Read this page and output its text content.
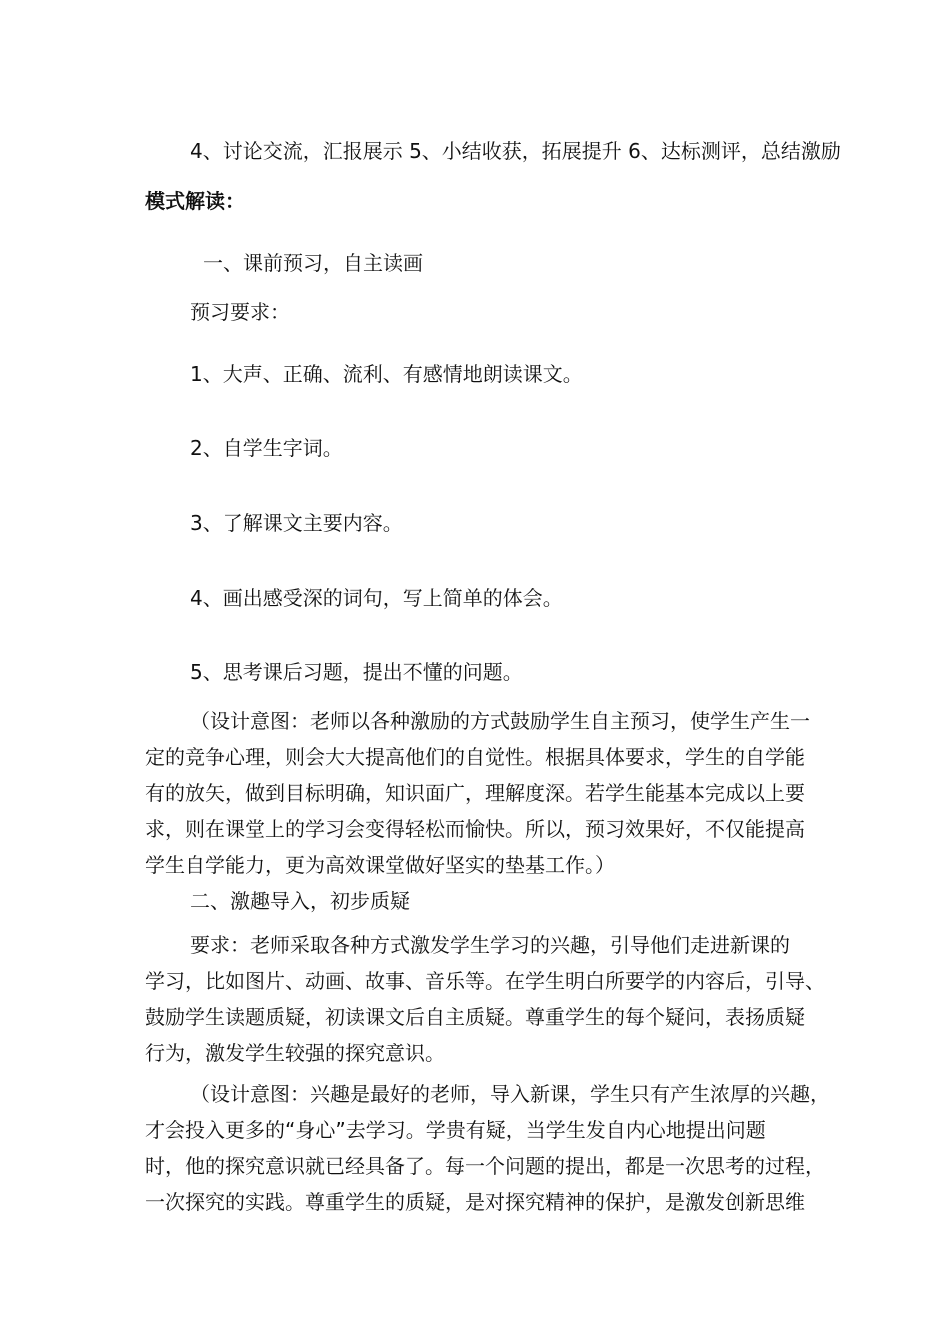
4、讨论交流，汇报展示 5、小结收获，拓展提升 6、达标测评，总结激励

模式解读：

一、课前预习，自主读画

预习要求：

1、大声、正确、流利、有感情地朗读课文。

2、自学生字词。

3、了解课文主要内容。

4、画出感受深的词句，写上简单的体会。

5、思考课后习题，提出不懂的问题。

（设计意图：老师以各种激励的方式鼓励学生自主预习，使学生产生一
定的竞争心理，则会大大提高他们的自觉性。根据具体要求，学生的自学能
有的放矢，做到目标明确，知识面广，理解度深。若学生能基本完成以上要
求，则在课堂上的学习会变得轻松而愉快。所以，预习效果好，不仅能提高
学生自学能力，更为高效课堂做好坚实的垫基工作。）
二、激趣导入，初步质疑
要求：老师采取各种方式激发学生学习的兴趣，引导他们走进新课的
学习，比如图片、动画、故事、音乐等。在学生明白所要学的内容后，引导、
鼓励学生读题质疑，初读课文后自主质疑。尊重学生的每个疑问，表扬质疑
行为，激发学生较强的探究意识。
（设计意图：兴趣是最好的老师，导入新课，学生只有产生浓厚的兴趣，
才会投入更多的“身心”去学习。学贵有疑，当学生发自内心地提出问题
时，他的探究意识就已经具备了。每一个问题的提出，都是一次思考的过程，
一次探究的实践。尊重学生的质疑，是对探究精神的保护，是激发创新思维
